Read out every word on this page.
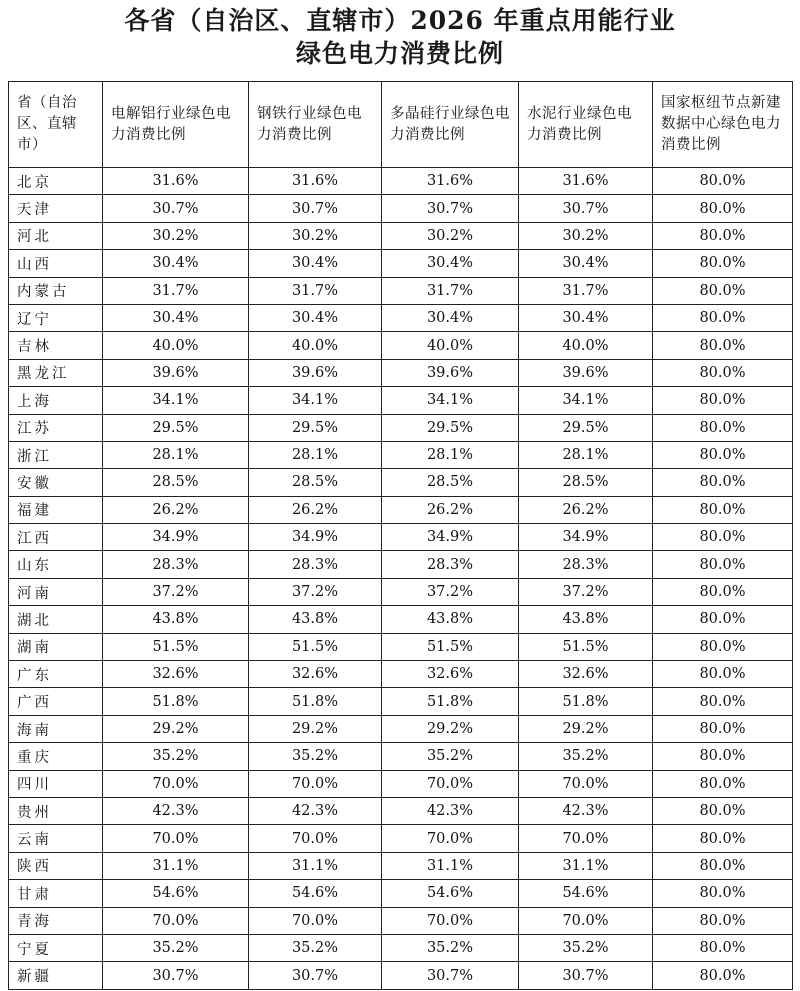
各省（自治区、直辖市）2026 年重点用能行业
绿色电力消费比例
省（自治区、直辖市）	电解铝行业绿色电力消费比例	钢铁行业绿色电力消费比例	多晶硅行业绿色电力消费比例	水泥行业绿色电力消费比例	国家枢纽节点新建数据中心绿色电力消费比例
北京	31.6%	31.6%	31.6%	31.6%	80.0%
天津	30.7%	30.7%	30.7%	30.7%	80.0%
河北	30.2%	30.2%	30.2%	30.2%	80.0%
山西	30.4%	30.4%	30.4%	30.4%	80.0%
内蒙古	31.7%	31.7%	31.7%	31.7%	80.0%
辽宁	30.4%	30.4%	30.4%	30.4%	80.0%
吉林	40.0%	40.0%	40.0%	40.0%	80.0%
黑龙江	39.6%	39.6%	39.6%	39.6%	80.0%
上海	34.1%	34.1%	34.1%	34.1%	80.0%
江苏	29.5%	29.5%	29.5%	29.5%	80.0%
浙江	28.1%	28.1%	28.1%	28.1%	80.0%
安徽	28.5%	28.5%	28.5%	28.5%	80.0%
福建	26.2%	26.2%	26.2%	26.2%	80.0%
江西	34.9%	34.9%	34.9%	34.9%	80.0%
山东	28.3%	28.3%	28.3%	28.3%	80.0%
河南	37.2%	37.2%	37.2%	37.2%	80.0%
湖北	43.8%	43.8%	43.8%	43.8%	80.0%
湖南	51.5%	51.5%	51.5%	51.5%	80.0%
广东	32.6%	32.6%	32.6%	32.6%	80.0%
广西	51.8%	51.8%	51.8%	51.8%	80.0%
海南	29.2%	29.2%	29.2%	29.2%	80.0%
重庆	35.2%	35.2%	35.2%	35.2%	80.0%
四川	70.0%	70.0%	70.0%	70.0%	80.0%
贵州	42.3%	42.3%	42.3%	42.3%	80.0%
云南	70.0%	70.0%	70.0%	70.0%	80.0%
陕西	31.1%	31.1%	31.1%	31.1%	80.0%
甘肃	54.6%	54.6%	54.6%	54.6%	80.0%
青海	70.0%	70.0%	70.0%	70.0%	80.0%
宁夏	35.2%	35.2%	35.2%	35.2%	80.0%
新疆	30.7%	30.7%	30.7%	30.7%	80.0%
